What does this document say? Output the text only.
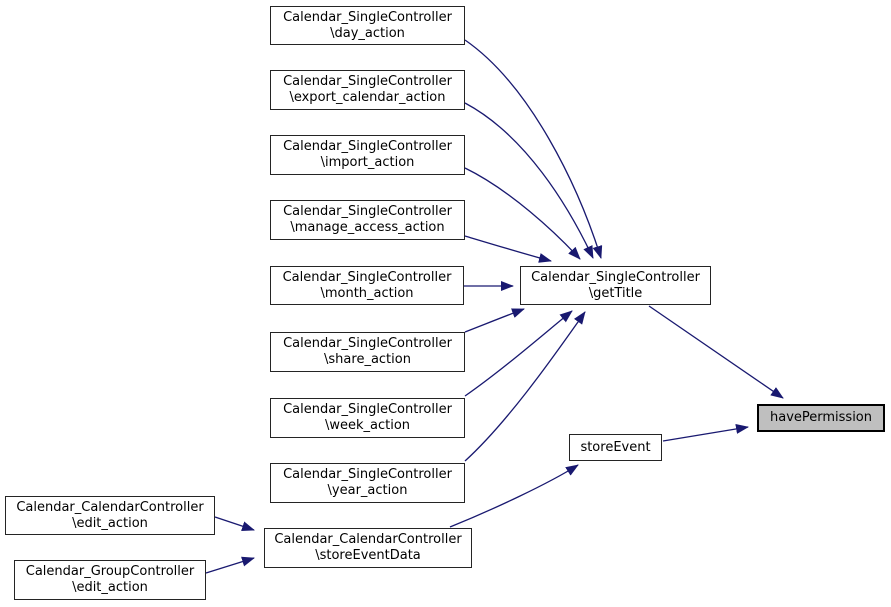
Calendar_SingleController
\day_action
Calendar_SingleController
\export_calendar_action
Calendar_SingleController
\import_action
Calendar_SingleController
\manage_access_action
Calendar_SingleController
\month_action
Calendar_SingleController
\share_action
Calendar_SingleController
\week_action
Calendar_SingleController
\year_action
Calendar_SingleController
\getTitle
havePermission
storeEvent
Calendar_CalendarController
\storeEventData
Calendar_CalendarController
\edit_action
Calendar_GroupController
\edit_action
